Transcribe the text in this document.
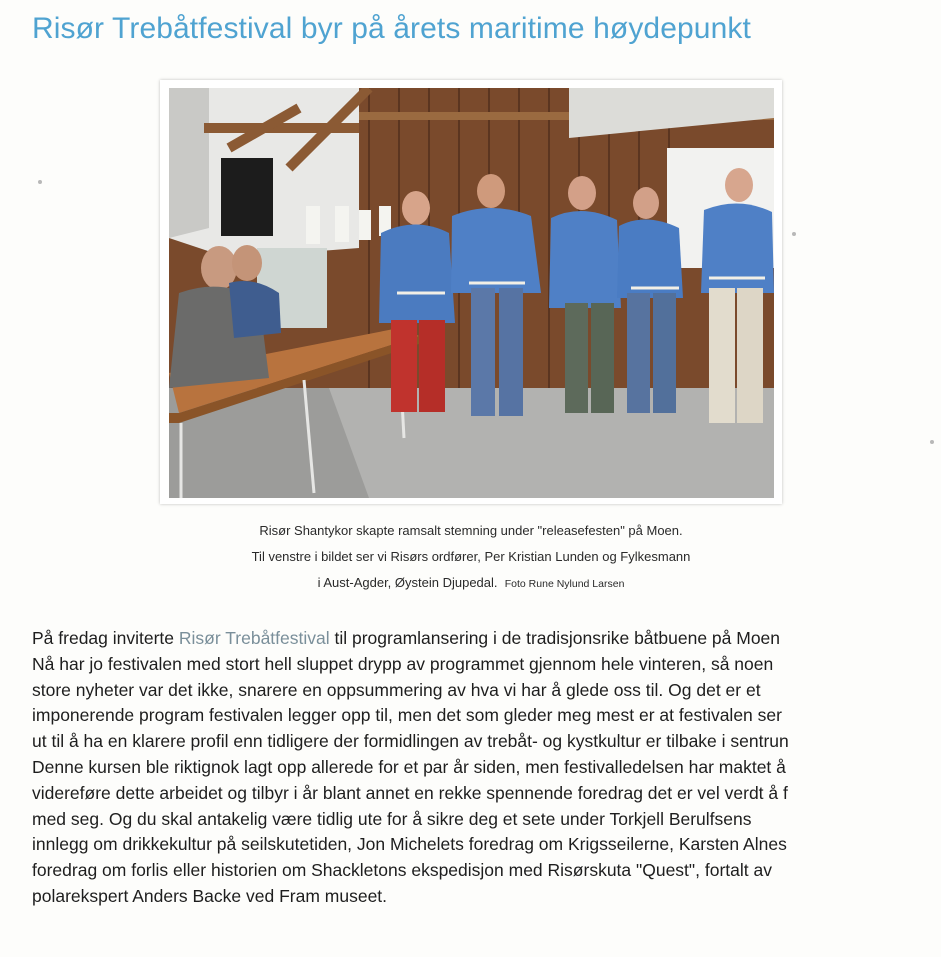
Risør Trebåtfestival byr på årets maritime høydepunkt
Risør Shantykor skapte ramsalt stemning under "releasefesten" på Moen.
Til venstre i bildet ser vi Risørs ordfører, Per Kristian Lunden og Fylkesmann
i Aust-Agder, Øystein Djupedal. Foto Rune Nylund Larsen
På fredag inviterte Risør Trebåtfestival til programlansering i de tradisjonsrike båtbuene på Moen
Nå har jo festivalen med stort hell sluppet drypp av programmet gjennom hele vinteren, så noen
store nyheter var det ikke, snarere en oppsummering av hva vi har å glede oss til. Og det er et
imponerende program festivalen legger opp til, men det som gleder meg mest er at festivalen ser
ut til å ha en klarere profil enn tidligere der formidlingen av trebåt- og kystkultur er tilbake i sentrun
Denne kursen ble riktignok lagt opp allerede for et par år siden, men festivalledelsen har maktet å
videreføre dette arbeidet og tilbyr i år blant annet en rekke spennende foredrag det er vel verdt å f
med seg. Og du skal antakelig være tidlig ute for å sikre deg et sete under Torkjell Berulfsens
innlegg om drikkekultur på seilskutetiden, Jon Michelets foredrag om Krigsseilerne, Karsten Alnes
foredrag om forlis eller historien om Shackletons ekspedisjon med Risørskuta "Quest", fortalt av
polarekspert Anders Backe ved Fram museet.
